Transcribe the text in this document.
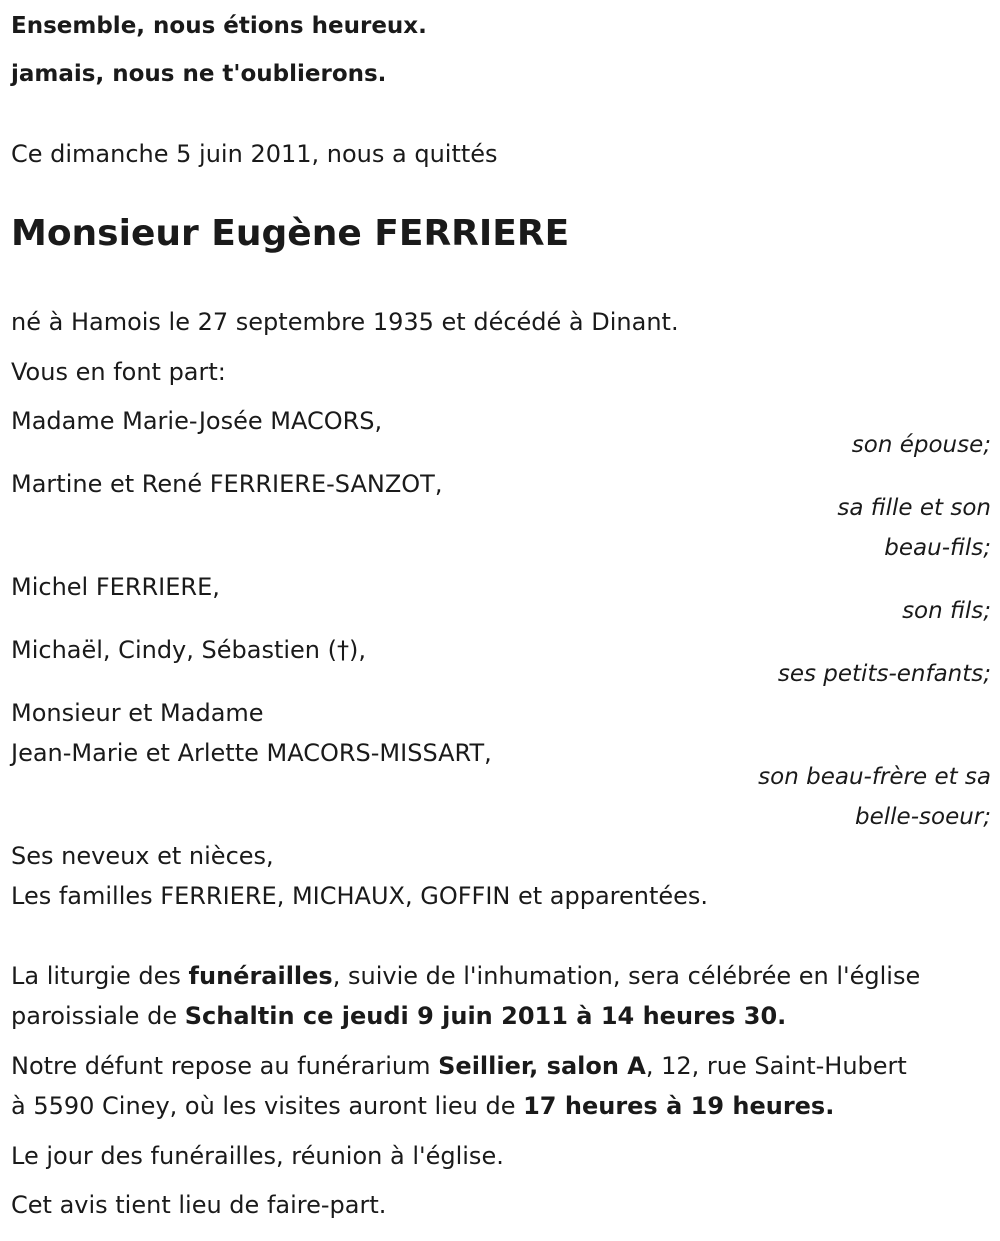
Ensemble, nous étions heureux.
jamais, nous ne t'oublierons.
Ce dimanche 5 juin 2011, nous a quittés
Monsieur Eugène FERRIERE
né à Hamois le 27 septembre 1935 et décédé à Dinant.
Vous en font part:
Madame Marie-Josée MACORS,
son épouse;
Martine et René FERRIERE-SANZOT,
sa fille et son
beau-fils;
Michel FERRIERE,
son fils;
Michaël, Cindy, Sébastien (†),
ses petits-enfants;
Monsieur et Madame
Jean-Marie et Arlette MACORS-MISSART,
son beau-frère et sa
belle-soeur;
Ses neveux et nièces,
Les familles FERRIERE, MICHAUX, GOFFIN et apparentées.
La liturgie des funérailles, suivie de l'inhumation, sera célébrée en l'église
paroissiale de Schaltin ce jeudi 9 juin 2011 à 14 heures 30.
Notre défunt repose au funérarium Seillier, salon A, 12, rue Saint-Hubert
à 5590 Ciney, où les visites auront lieu de 17 heures à 19 heures.
Le jour des funérailles, réunion à l'église.
Cet avis tient lieu de faire-part.
